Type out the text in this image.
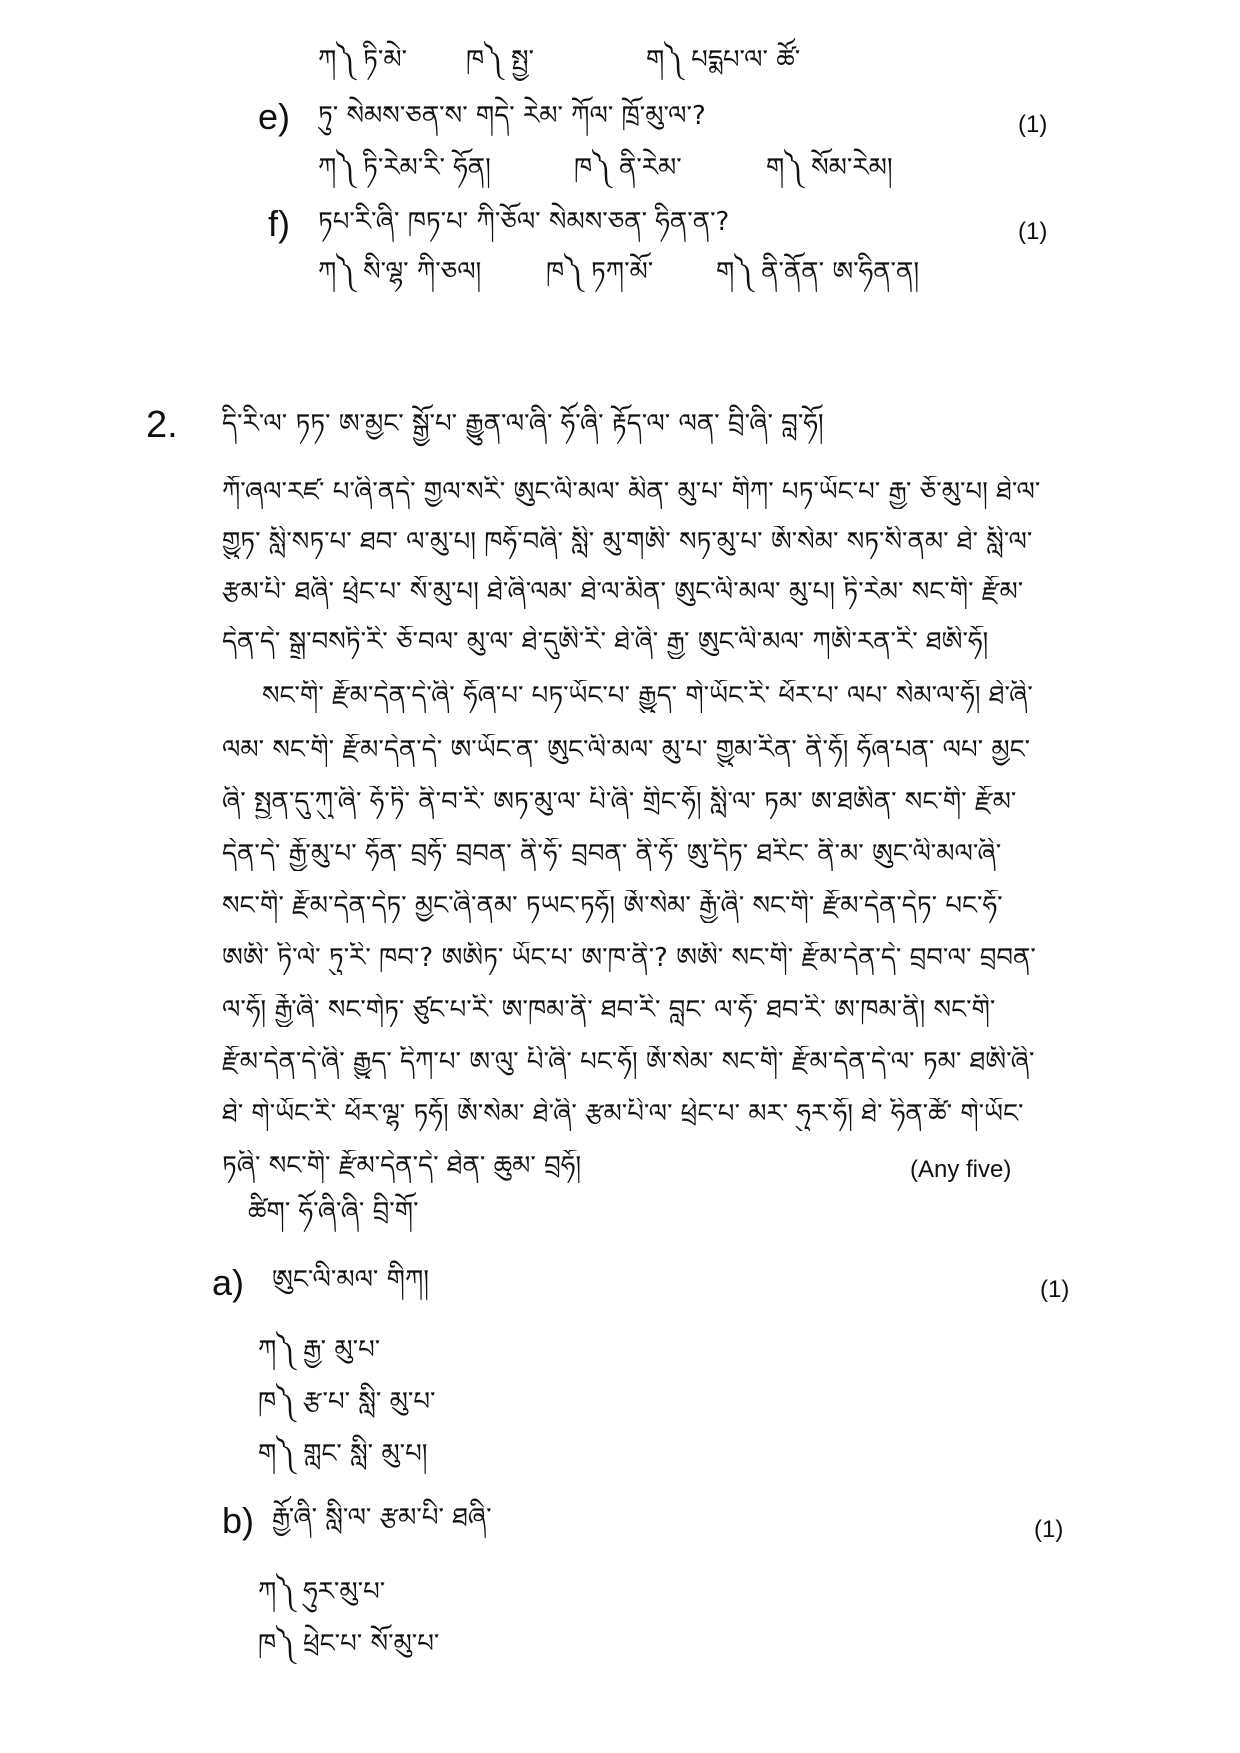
ཀ༽ ཏི་མེ་ ཁ༽ སྤྱ་	ག༽ པདྨཔ་ལ་ ཚོ་
e) ཏུ་ སེམས་ཅན་ས་ གདེ་ རེམ་ ཀོལ་ ཁྲོ་མུ་ལ་?	(1)
ཀ༽ ཏི་རེམ་རི་ ཧོན།	ཁ༽ ནི་རེམ་	ག༽ སོམ་རེམ།
f) ཏཔ་རི་ཞི་ ཁཏ་པ་ ཀི་ཅོལ་ སེམས་ཅན་ ཧིན་ན་?	(1)
ཀ༽ སི་ལྷ་ ཀི་ཅལ། ཁ༽ ཏཀ་མོ་ ག༽ ནི་ནོན་ ཨ་ཧིན་ན།
2. དི་རི་ལ་ ཏཏ་ ཨ་མྱང་ སྒྱོ་པ་ རྒྱུན་ལ་ཞི་ ཧོ་ཞི་ རྟོད་ལ་ ལན་ བྲི་ཞི་ བླ་ཧོ།
ཀོ་ཞལ་རཛ་ པ་ཞི་ནདེ་ གྱལ་སརི་ ཨུང་ལི་མལ་ མིན་ མུ་པ་ གིཀ་ པཏ་ཡོང་པ་ རྒྱ་ ཅོ་མུ་པ། ཐེ་ལ་
གྱུཏ་ སླི་སཏ་པ་ ཐབ་ ལ་མུ་པ། ཁཧོ་བཞི་ སླི་ མུ་གཨི་ སཏ་མུ་པ་ ཨོ་སེམ་ སཏ་སི་ནམ་ ཐེ་ སླི་ལ་
རྩམ་པི་ ཐཞི་ ཕྲེང་པ་ སོ་མུ་པ། ཐེ་ཞི་ལམ་ ཐེ་ལ་མིན་ ཨུང་ལི་མལ་ མུ་པ། ཏི་རེམ་ སང་གི་ རྫོམ་
དེན་དེ་ སྒྲ་བསཏི་རི་ ཅོ་བལ་ མུ་ལ་ ཐེ་དུཨི་རི་ ཐེ་ཞི་ རྒྱ་ ཨུང་ལི་མལ་ ཀཨི་རན་རི་ ཐཨི་ཧོ།
སང་གི་ རྫོམ་དེན་དེ་ཞི་ ཧོཞ་པ་ པཏ་ཡོང་པ་ རྒྱུད་ གེ་ཡོང་རི་ ཕོར་པ་ ལཔ་ སེམ་ལ་ཧོ། ཐེ་ཞི་
ལམ་ སང་གི་ རྫོམ་དེན་དེ་ ཨ་ཡོང་ན་ ཨུང་ལི་མལ་ མུ་པ་ གྱུམ་རིན་ ནི་ཧོ། ཧོཞ་པན་ ལཔ་ མྱང་
ཞི་ སྤྱན་དུ་ཀུ་ཞི་ ཧོ་ཏི་ ནི་བ་རི་ ཨཏ་མུ་ལ་ པི་ཞི་ གྲིང་ཧོ། སླི་ལ་ ཏམ་ ཨ་ཐཨིན་ སང་གི་ རྫོམ་
དེན་དེ་ རྒྱོ་མུ་པ་ ཧོན་ བྲཧོ་ བྲབན་ ནི་ཧོ་ བྲབན་ ནི་ཧོ་ ཨུ་དིཏ་ ཐརིང་ ནི་མ་ ཨུང་ལི་མལ་ཞི་
སང་གི་ རྫོམ་དེན་དེཏ་ མྱང་ཞི་ནམ་ ཏཡང་ཏཧོ། ཨོ་སེམ་ རྒྱོ་ཞི་ སང་གི་ རྫོམ་དེན་དེཏ་ པང་ཧོ་
ཨཨི་ ཏི་ལེ་ ཏུ་རི་ ཁབ་? ཨཨིཏ་ ཡོང་པ་ ཨ་ཁ་ནི་? ཨཨི་ སང་གི་ རྫོམ་དེན་དེ་ བྲབ་ལ་ བྲབན་
ལ་ཧོ། རྒྱོ་ཞི་ སང་གེཏ་ ཙུང་པ་རི་ ཨ་ཁམ་ནི་ ཐབ་རི་ བླང་ ལ་ཧོ་ ཐབ་རི་ ཨ་ཁམ་ནི། སང་གི་
རྫོམ་དེན་དེ་ཞི་ རྒྱུད་ དིཀ་པ་ ཨ་ལུ་ པི་ཞི་ པང་ཧོ། ཨོ་སེམ་ སང་གི་ རྫོམ་དེན་དེ་ལ་ ཏམ་ ཐཨི་ཞི་
ཐེ་ གེ་ཡོང་རི་ ཕོར་ལྷ་ ཏཧོ། ཨོ་སེམ་ ཐེ་ཞི་ རྩམ་པི་ལ་ ཕྲེང་པ་ མར་ ཧུར་ཧོ། ཐེ་ ཧིན་ཚོ་ གེ་ཡོང་
ཏཞི་ སང་གི་ རྫོམ་དེན་དེ་ ཐེན་ ཆུམ་ བྲཧོ།	(Any five)
ཚིག་ ཧོ་ཞི་ཞི་ བྲི་གོ་
a) ཨུང་ལི་མལ་ གིཀ།	(1)
ཀ༽ རྒྱ་ མུ་པ་
ཁ༽ རྩ་པ་ སླི་ མུ་པ་
ག༽ གླང་ སླི་ མུ་པ།
b) རྒྱོ་ཞི་ སླི་ལ་ རྩམ་པི་ ཐཞི་	(1)
ཀ༽ ཧུར་མུ་པ་
ཁ༽ ཕྲེང་པ་ སོ་མུ་པ་
